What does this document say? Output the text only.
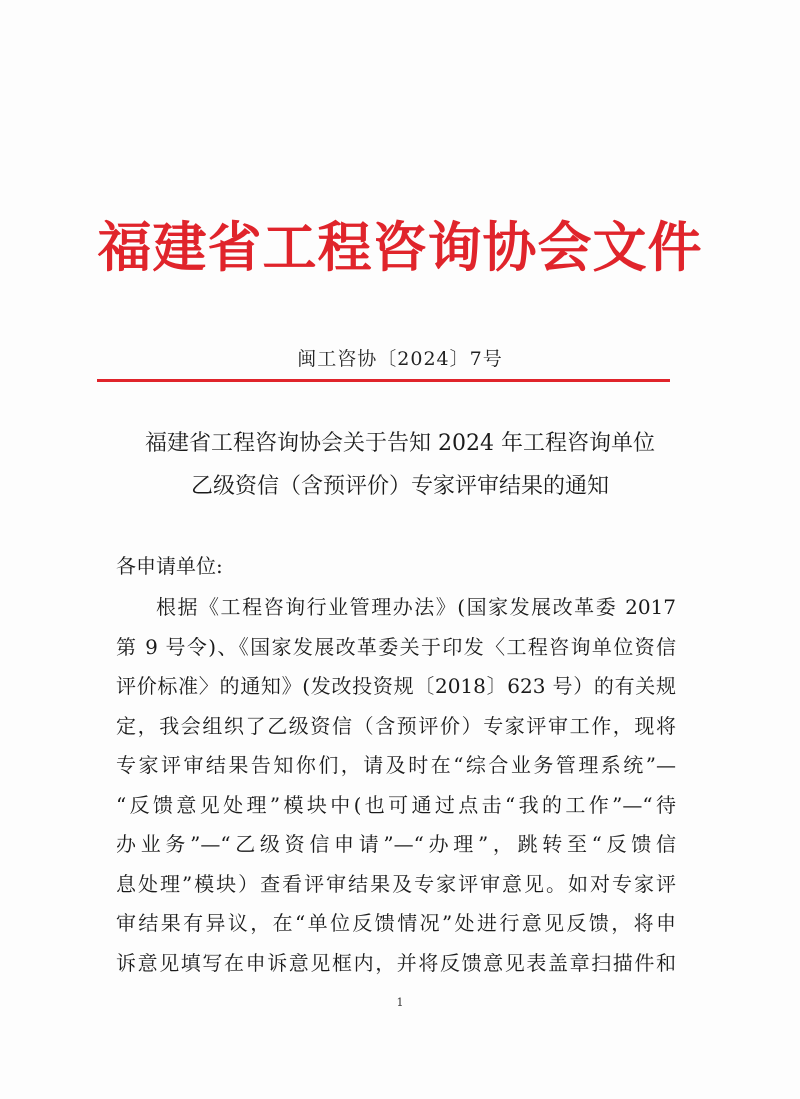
福建省工程咨询协会文件
闽工咨协〔2024〕7号
福建省工程咨询协会关于告知 2024 年工程咨询单位
乙级资信（含预评价）专家评审结果的通知
各申请单位:
根据《工程咨询行业管理办法》(国家发展改革委 2017
第 9 号令)、《国家发展改革委关于印发〈工程咨询单位资信
评价标准〉的通知》(发改投资规〔2018〕623 号）的有关规
定，我会组织了乙级资信（含预评价）专家评审工作，现将
专家评审结果告知你们，请及时在“综合业务管理系统”—
“反馈意见处理”模块中(也可通过点击“我的工作”—“待
办业务”—“乙级资信申请”—“办理”，跳转至“反馈信
息处理”模块）查看评审结果及专家评审意见。如对专家评
审结果有异议，在“单位反馈情况”处进行意见反馈，将申
诉意见填写在申诉意见框内，并将反馈意见表盖章扫描件和
1
